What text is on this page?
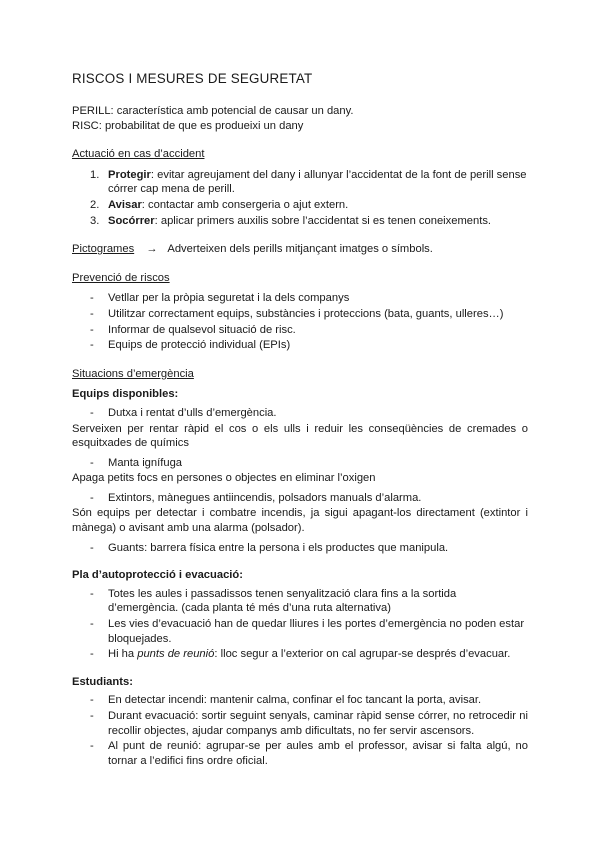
RISCOS I MESURES DE SEGURETAT

PERILL: característica amb potencial de causar un dany.

RISC: probabilitat de que es produeixi un dany

Actuació en cas d’accident
1. Protegir: evitar agreujament del dany i allunyar l’accidentat de la font de perill sense córrer cap mena de perill.
2. Avisar: contactar amb consergeria o ajut extern.
3. Socórrer: aplicar primers auxilis sobre l’accidentat si es tenen coneixements.
Pictogrames → Adverteixen dels perills mitjançant imatges o símbols.
Prevenció de riscos
- Vetllar per la pròpia seguretat i la dels companys
- Utilitzar correctament equips, substàncies i proteccions (bata, guants, ulleres…)
- Informar de qualsevol situació de risc.
- Equips de protecció individual (EPIs)
Situacions d’emergència
Equips disponibles:
- Dutxa i rentat d’ulls d’emergència.

Serveixen per rentar ràpid el cos o els ulls i reduir les conseqüències de cremades o esquitxades de químics

- Manta ignífuga

Apaga petits focs en persones o objectes en eliminar l’oxigen

- Extintors, mànegues antiincendis, polsadors manuals d’alarma.

Són equips per detectar i combatre incendis, ja sigui apagant-los directament (extintor i mànega) o avisant amb una alarma (polsador).

- Guants: barrera física entre la persona i els productes que manipula.
Pla d’autoprotecció i evacuació:
- Totes les aules i passadissos tenen senyalització clara fins a la sortida d’emergència. (cada planta té més d’una ruta alternativa)
- Les vies d’evacuació han de quedar lliures i les portes d’emergència no poden estar bloquejades.
- Hi ha punts de reunió: lloc segur a l’exterior on cal agrupar-se després d’evacuar.
Estudiants:
- En detectar incendi: mantenir calma, confinar el foc tancant la porta, avisar.
- Durant evacuació: sortir seguint senyals, caminar ràpid sense córrer, no retrocedir ni recollir objectes, ajudar companys amb dificultats, no fer servir ascensors.
- Al punt de reunió: agrupar-se per aules amb el professor, avisar si falta algú, no tornar a l’edifici fins ordre oficial.
